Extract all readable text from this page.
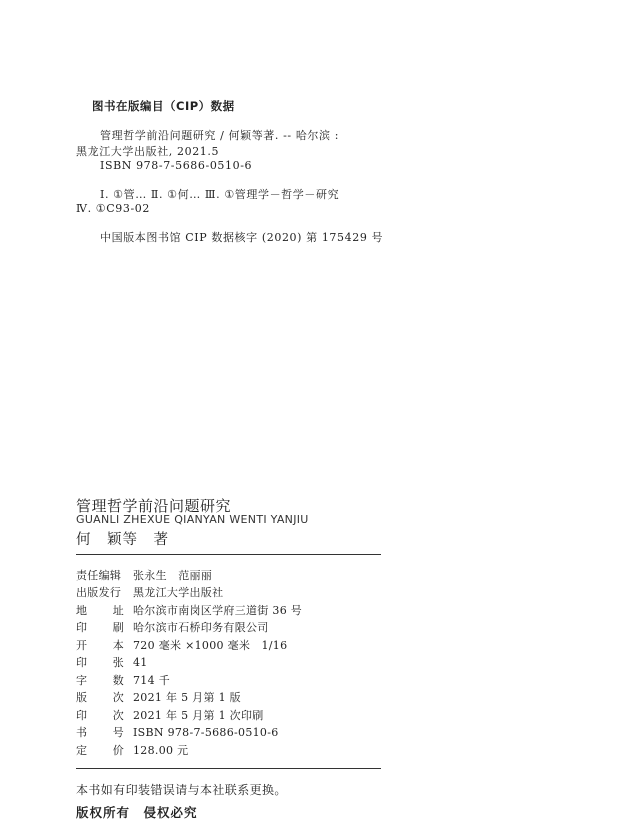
图书在版编目（CIP）数据
管理哲学前沿问题研究 / 何颖等著. -- 哈尔滨 :
黑龙江大学出版社, 2021.5
ISBN 978-7-5686-0510-6
Ⅰ. ①管… Ⅱ. ①何… Ⅲ. ①管理学－哲学－研究
Ⅳ. ①C93-02
中国版本图书馆 CIP 数据核字 (2020) 第 175429 号
管理哲学前沿问题研究
GUANLI ZHEXUE QIANYAN WENTI YANJIU
何　颖等　著
责任编辑 张永生　范丽丽
出版发行 黑龙江大学出版社
地 址 哈尔滨市南岗区学府三道街 36 号
印 刷 哈尔滨市石桥印务有限公司
开 本 720 毫米 ×1000 毫米　1/16
印 张 41
字 数 714 千
版 次 2021 年 5 月第 1 版
印 次 2021 年 5 月第 1 次印刷
书 号 ISBN 978-7-5686-0510-6
定 价 128.00 元
本书如有印装错误请与本社联系更换。
版权所有　侵权必究
